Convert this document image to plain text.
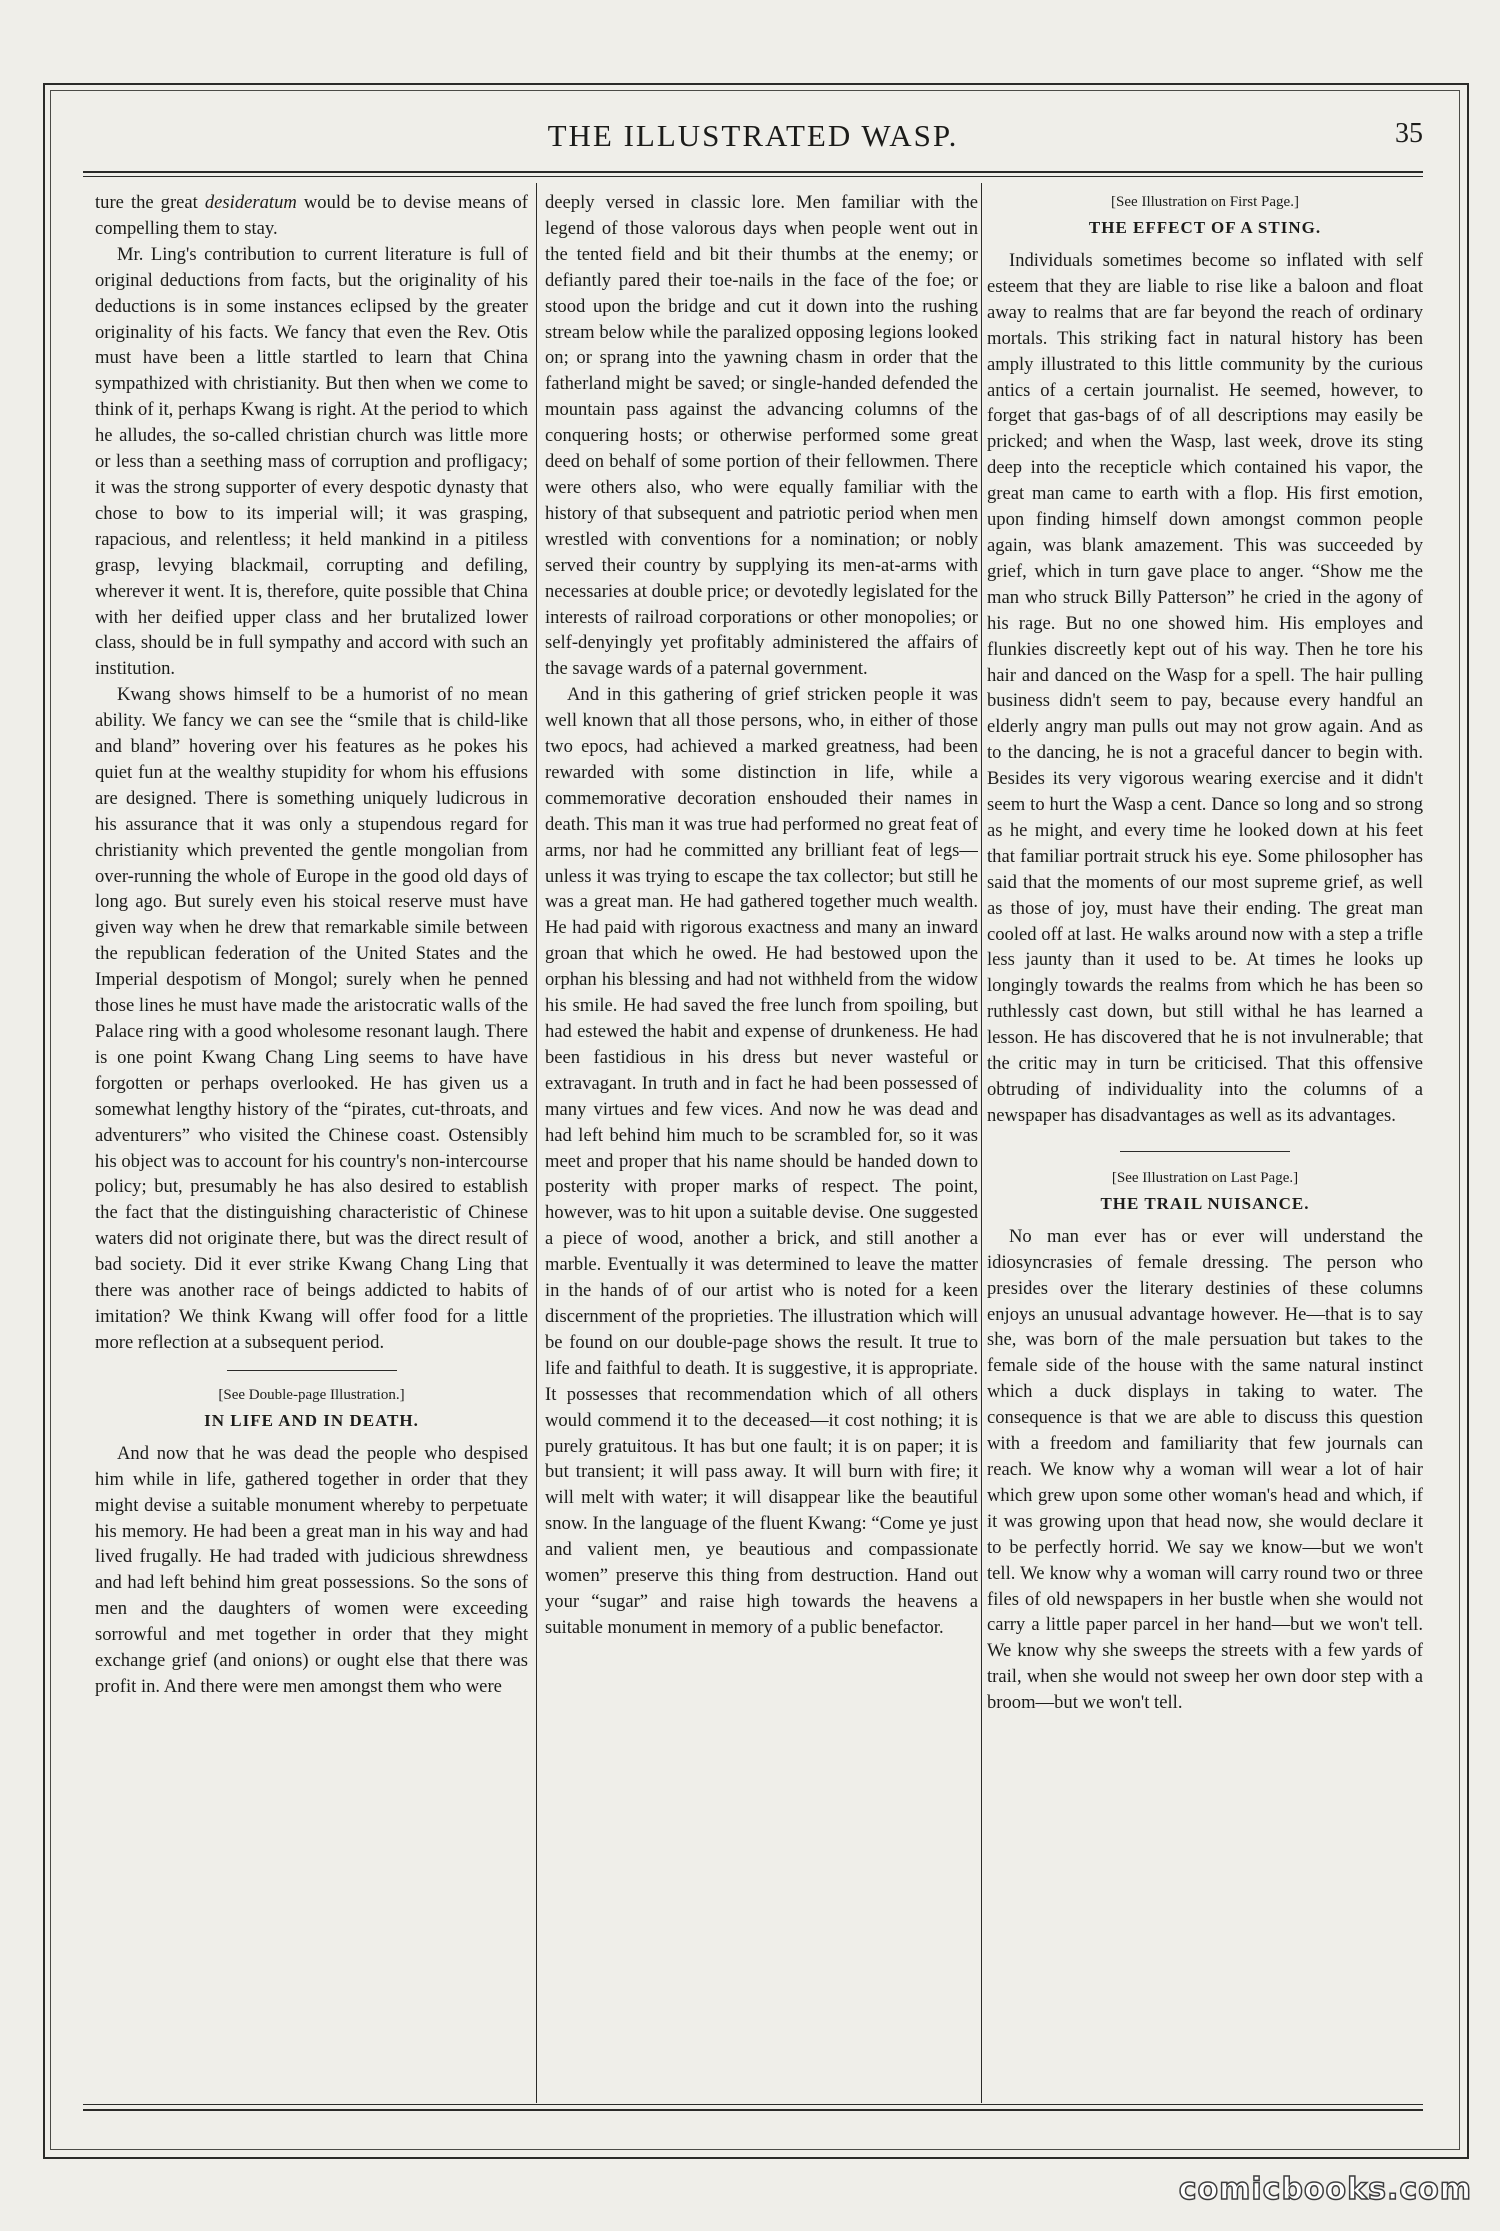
THE ILLUSTRATED WASP.	35

ture the great desideratum would be to devise means of compelling them to stay.

Mr. Ling's contribution to current literature is full of original deductions from facts, but the originality of his deductions is in some instances eclipsed by the greater originality of his facts. We fancy that even the Rev. Otis must have been a little startled to learn that China sympathized with christianity. But then when we come to think of it, perhaps Kwang is right. At the period to which he alludes, the so-called christian church was little more or less than a seething mass of corruption and profligacy; it was the strong supporter of every despotic dynasty that chose to bow to its imperial will; it was grasping, rapacious, and relentless; it held mankind in a pitiless grasp, levying blackmail, corrupting and defiling, wherever it went. It is, therefore, quite possible that China with her deified upper class and her brutalized lower class, should be in full sympathy and accord with such an institution.

Kwang shows himself to be a humorist of no mean ability. We fancy we can see the “smile that is child-like and bland” hovering over his features as he pokes his quiet fun at the wealthy stupidity for whom his effusions are designed. There is something uniquely ludicrous in his assurance that it was only a stupendous regard for christianity which prevented the gentle mongolian from over-running the whole of Europe in the good old days of long ago. But surely even his stoical reserve must have given way when he drew that remarkable simile between the republican federation of the United States and the Imperial despotism of Mongol; surely when he penned those lines he must have made the aristocratic walls of the Palace ring with a good wholesome resonant laugh. There is one point Kwang Chang Ling seems to have have forgotten or perhaps overlooked. He has given us a somewhat lengthy history of the “pirates, cut-throats, and adventurers” who visited the Chinese coast. Ostensibly his object was to account for his country's non-intercourse policy; but, presumably he has also desired to establish the fact that the distinguishing characteristic of Chinese waters did not originate there, but was the direct result of bad society. Did it ever strike Kwang Chang Ling that there was another race of beings addicted to habits of imitation? We think Kwang will offer food for a little more reflection at a subsequent period.

[See Double-page Illustration.]

IN LIFE AND IN DEATH.

And now that he was dead the people who despised him while in life, gathered together in order that they might devise a suitable monument whereby to perpetuate his memory. He had been a great man in his way and had lived frugally. He had traded with judicious shrewdness and had left behind him great possessions. So the sons of men and the daughters of women were exceeding sorrowful and met together in order that they might exchange grief (and onions) or ought else that there was profit in. And there were men amongst them who were

deeply versed in classic lore. Men familiar with the legend of those valorous days when people went out in the tented field and bit their thumbs at the enemy; or defiantly pared their toe-nails in the face of the foe; or stood upon the bridge and cut it down into the rushing stream below while the paralized opposing legions looked on; or sprang into the yawning chasm in order that the fatherland might be saved; or single-handed defended the mountain pass against the advancing columns of the conquering hosts; or otherwise performed some great deed on behalf of some portion of their fellowmen. There were others also, who were equally familiar with the history of that subsequent and patriotic period when men wrestled with conventions for a nomination; or nobly served their country by supplying its men-at-arms with necessaries at double price; or devotedly legislated for the interests of railroad corporations or other monopolies; or self-denyingly yet profitably administered the affairs of the savage wards of a paternal government.

And in this gathering of grief stricken people it was well known that all those persons, who, in either of those two epocs, had achieved a marked greatness, had been rewarded with some distinction in life, while a commemorative decoration enshouded their names in death. This man it was true had performed no great feat of arms, nor had he committed any brilliant feat of legs—unless it was trying to escape the tax collector; but still he was a great man. He had gathered together much wealth. He had paid with rigorous exactness and many an inward groan that which he owed. He had bestowed upon the orphan his blessing and had not withheld from the widow his smile. He had saved the free lunch from spoiling, but had estewed the habit and expense of drunkeness. He had been fastidious in his dress but never wasteful or extravagant. In truth and in fact he had been possessed of many virtues and few vices. And now he was dead and had left behind him much to be scrambled for, so it was meet and proper that his name should be handed down to posterity with proper marks of respect. The point, however, was to hit upon a suitable devise. One suggested a piece of wood, another a brick, and still another a marble. Eventually it was determined to leave the matter in the hands of of our artist who is noted for a keen discernment of the proprieties. The illustration which will be found on our double-page shows the result. It true to life and faithful to death. It is suggestive, it is appropriate. It possesses that recommendation which of all others would commend it to the deceased—it cost nothing; it is purely gratuitous. It has but one fault; it is on paper; it is but transient; it will pass away. It will burn with fire; it will melt with water; it will disappear like the beautiful snow. In the language of the fluent Kwang: “Come ye just and valient men, ye beautious and compassionate women” preserve this thing from destruction. Hand out your “sugar” and raise high towards the heavens a suitable monument in memory of a public benefactor.

[See Illustration on First Page.]

THE EFFECT OF A STING.

Individuals sometimes become so inflated with self esteem that they are liable to rise like a baloon and float away to realms that are far beyond the reach of ordinary mortals. This striking fact in natural history has been amply illustrated to this little community by the curious antics of a certain journalist. He seemed, however, to forget that gas-bags of of all descriptions may easily be pricked; and when the Wasp, last week, drove its sting deep into the recepticle which contained his vapor, the great man came to earth with a flop. His first emotion, upon finding himself down amongst common people again, was blank amazement. This was succeeded by grief, which in turn gave place to anger. “Show me the man who struck Billy Patterson” he cried in the agony of his rage. But no one showed him. His employes and flunkies discreetly kept out of his way. Then he tore his hair and danced on the Wasp for a spell. The hair pulling business didn't seem to pay, because every handful an elderly angry man pulls out may not grow again. And as to the dancing, he is not a graceful dancer to begin with. Besides its very vigorous wearing exercise and it didn't seem to hurt the Wasp a cent. Dance so long and so strong as he might, and every time he looked down at his feet that familiar portrait struck his eye. Some philosopher has said that the moments of our most supreme grief, as well as those of joy, must have their ending. The great man cooled off at last. He walks around now with a step a trifle less jaunty than it used to be. At times he looks up longingly towards the realms from which he has been so ruthlessly cast down, but still withal he has learned a lesson. He has discovered that he is not invulnerable; that the critic may in turn be criticised. That this offensive obtruding of individuality into the columns of a newspaper has disadvantages as well as its advantages.

[See Illustration on Last Page.]

THE TRAIL NUISANCE.

No man ever has or ever will understand the idiosyncrasies of female dressing. The person who presides over the literary destinies of these columns enjoys an unusual advantage however. He—that is to say she, was born of the male persuation but takes to the female side of the house with the same natural instinct which a duck displays in taking to water. The consequence is that we are able to discuss this question with a freedom and familiarity that few journals can reach. We know why a woman will wear a lot of hair which grew upon some other woman's head and which, if it was growing upon that head now, she would declare it to be perfectly horrid. We say we know—but we won't tell. We know why a woman will carry round two or three files of old newspapers in her bustle when she would not carry a little paper parcel in her hand—but we won't tell. We know why she sweeps the streets with a few yards of trail, when she would not sweep her own door step with a broom—but we won't tell.

comicbooks.com
